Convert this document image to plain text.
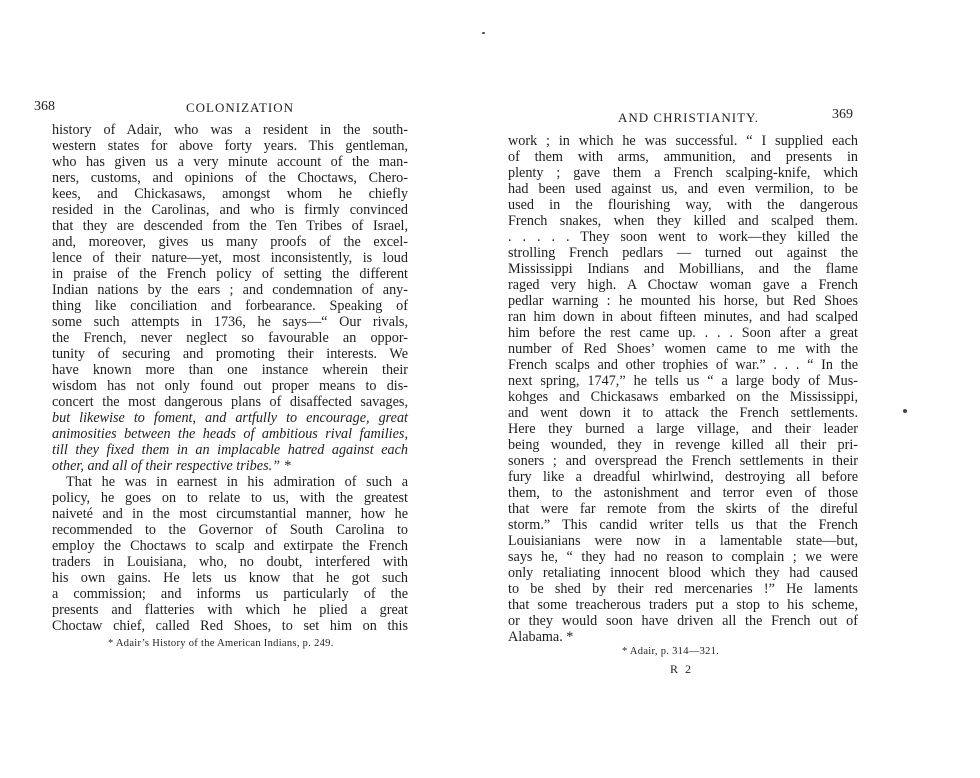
368	COLONIZATION
history of Adair, who was a resident in the south-
western states for above forty years. This gentleman,
who has given us a very minute account of the man-
ners, customs, and opinions of the Choctaws, Chero-
kees, and Chickasaws, amongst whom he chiefly
resided in the Carolinas, and who is firmly convinced
that they are descended from the Ten Tribes of Israel,
and, moreover, gives us many proofs of the excel-
lence of their nature—yet, most inconsistently, is loud
in praise of the French policy of setting the different
Indian nations by the ears ; and condemnation of any-
thing like conciliation and forbearance. Speaking of
some such attempts in 1736, he says—“ Our rivals,
the French, never neglect so favourable an oppor-
tunity of securing and promoting their interests. We
have known more than one instance wherein their
wisdom has not only found out proper means to dis-
concert the most dangerous plans of disaffected savages,
but likewise to foment, and artfully to encourage, great
animosities between the heads of ambitious rival families,
till they fixed them in an implacable hatred against each
other, and all of their respective tribes.” *
That he was in earnest in his admiration of such a
policy, he goes on to relate to us, with the greatest
naiveté and in the most circumstantial manner, how he
recommended to the Governor of South Carolina to
employ the Choctaws to scalp and extirpate the French
traders in Louisiana, who, no doubt, interfered with
his own gains. He lets us know that he got such
a commission; and informs us particularly of the
presents and flatteries with which he plied a great
Choctaw chief, called Red Shoes, to set him on this
* Adair’s History of the American Indians, p. 249.
AND CHRISTIANITY.	369
work ; in which he was successful. “ I supplied each
of them with arms, ammunition, and presents in
plenty ; gave them a French scalping-knife, which
had been used against us, and even vermilion, to be
used in the flourishing way, with the dangerous
French snakes, when they killed and scalped them.
. . . . . They soon went to work—they killed the
strolling French pedlars — turned out against the
Mississippi Indians and Mobillians, and the flame
raged very high. A Choctaw woman gave a French
pedlar warning : he mounted his horse, but Red Shoes
ran him down in about fifteen minutes, and had scalped
him before the rest came up. . . . Soon after a great
number of Red Shoes’ women came to me with the
French scalps and other trophies of war.” . . . “ In the
next spring, 1747,” he tells us “ a large body of Mus-
kohges and Chickasaws embarked on the Mississippi,
and went down it to attack the French settlements.
Here they burned a large village, and their leader
being wounded, they in revenge killed all their pri-
soners ; and overspread the French settlements in their
fury like a dreadful whirlwind, destroying all before
them, to the astonishment and terror even of those
that were far remote from the skirts of the direful
storm.” This candid writer tells us that the French
Louisianians were now in a lamentable state—but,
says he, “ they had no reason to complain ; we were
only retaliating innocent blood which they had caused
to be shed by their red mercenaries !” He laments
that some treacherous traders put a stop to his scheme,
or they would soon have driven all the French out of
Alabama. *
* Adair, p. 314—321.
R 2
